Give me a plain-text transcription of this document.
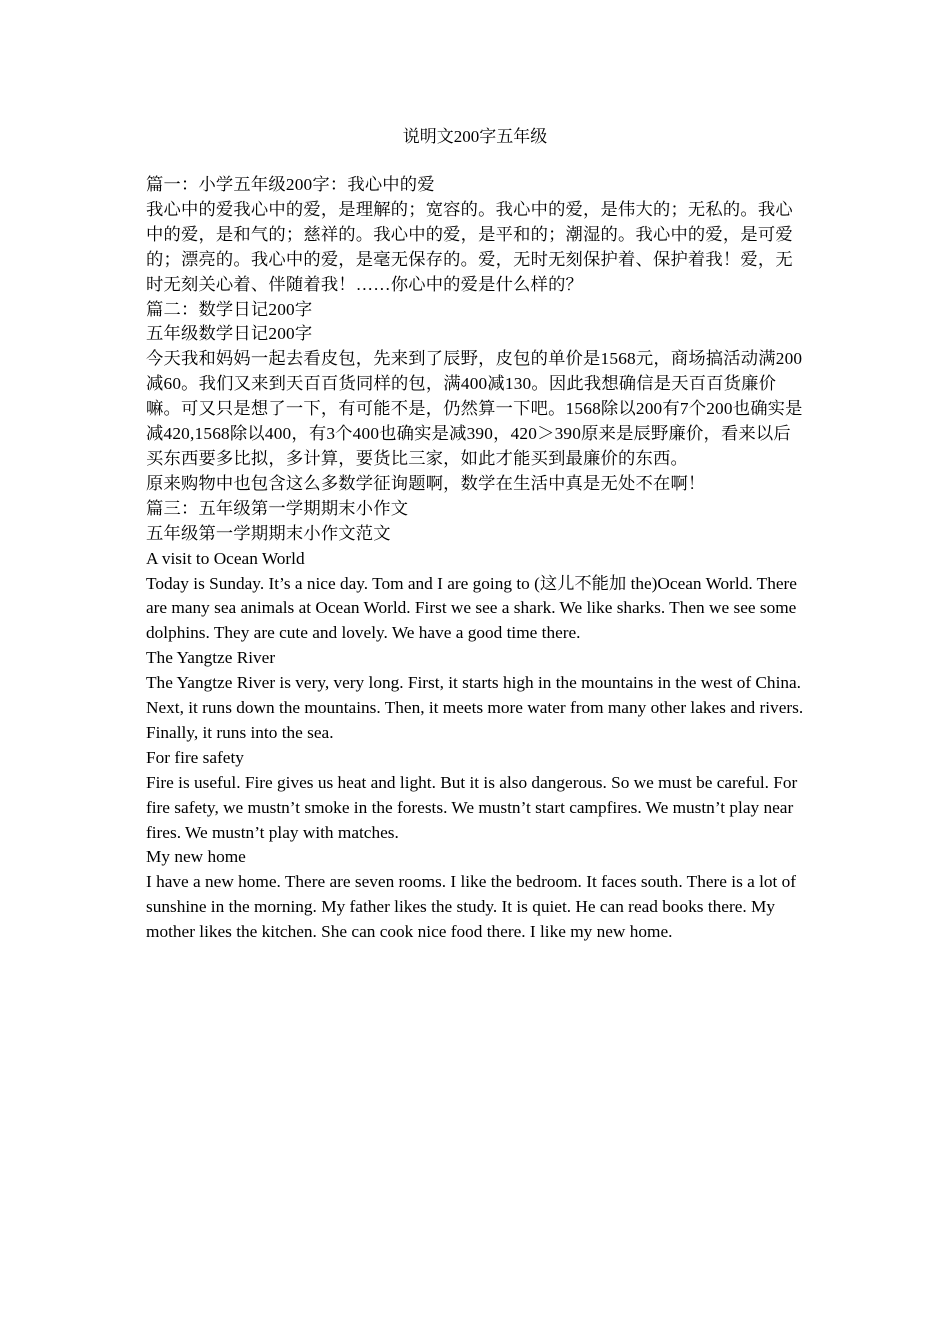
说明文200字五年级

篇一：小学五年级200字：我心中的爱

我心中的爱我心中的爱，是理解的；宽容的。我心中的爱，是伟大的；无私的。我心中的爱，是和气的；慈祥的。我心中的爱，是平和的；潮湿的。我心中的爱，是可爱的；漂亮的。我心中的爱，是毫无保存的。爱，无时无刻保护着、保护着我！爱，无时无刻关心着、伴随着我！……你心中的爱是什么样的？

篇二：数学日记200字

五年级数学日记200字

今天我和妈妈一起去看皮包，先来到了辰野，皮包的单价是1568元，商场搞活动满200减60。我们又来到天百百货同样的包，满400减130。因此我想确信是天百百货廉价嘛。可又只是想了一下，有可能不是，仍然算一下吧。1568除以200有7个200也确实是减420,1568除以400，有3个400也确实是减390，420＞390原来是辰野廉价，看来以后买东西要多比拟，多计算，要货比三家，如此才能买到最廉价的东西。

原来购物中也包含这么多数学征询题啊，数学在生活中真是无处不在啊！

篇三：五年级第一学期期末小作文

五年级第一学期期末小作文范文

A visit to Ocean World

Today is Sunday. It’s a nice day. Tom and I are going to (这儿不能加 the)Ocean World. There are many sea animals at Ocean World. First we see a shark. We like sharks. Then we see some dolphins. They are cute and lovely. We have a good time there.

The Yangtze River

The Yangtze River is very, very long. First, it starts high in the mountains in the west of China. Next, it runs down the mountains. Then, it meets more water from many other lakes and rivers. Finally, it runs into the sea.

For fire safety

Fire is useful. Fire gives us heat and light. But it is also dangerous. So we must be careful. For fire safety, we mustn’t smoke in the forests. We mustn’t start campfires. We mustn’t play near fires. We mustn’t play with matches.

My new home

I have a new home. There are seven rooms. I like the bedroom. It faces south. There is a lot of sunshine in the morning. My father likes the study. It is quiet. He can read books there. My mother likes the kitchen. She can cook nice food there. I like my new home.
